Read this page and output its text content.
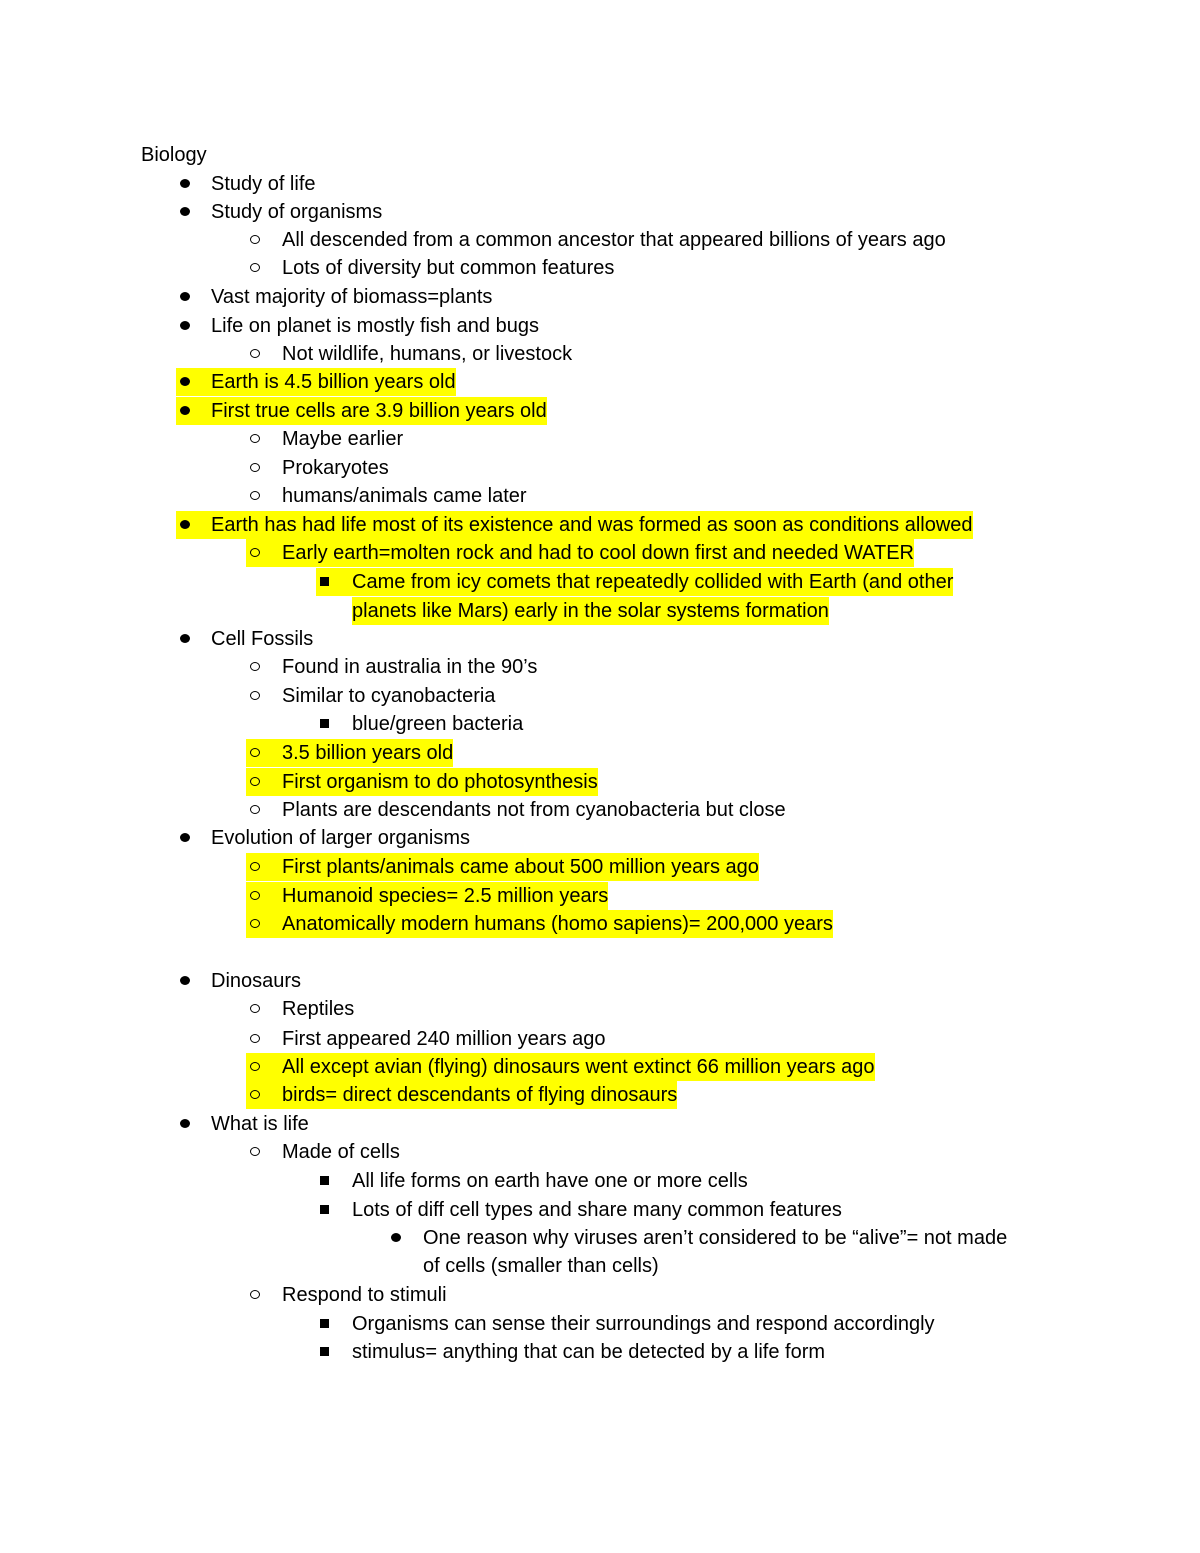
Biology
Study of life
Study of organisms
All descended from a common ancestor that appeared billions of years ago
Lots of diversity but common features
Vast majority of biomass=plants
Life on planet is mostly fish and bugs
Not wildlife, humans, or livestock
Earth is 4.5 billion years old
First true cells are 3.9 billion years old
Maybe earlier
Prokaryotes
humans/animals came later
Earth has had life most of its existence and was formed as soon as conditions allowed
Early earth=molten rock and had to cool down first and needed WATER
Came from icy comets that repeatedly collided with Earth (and other
planets like Mars) early in the solar systems formation
Cell Fossils
Found in australia in the 90’s
Similar to cyanobacteria
blue/green bacteria
3.5 billion years old
First organism to do photosynthesis
Plants are descendants not from cyanobacteria but close
Evolution of larger organisms
First plants/animals came about 500 million years ago
Humanoid species= 2.5 million years
Anatomically modern humans (homo sapiens)= 200,000 years
Dinosaurs
Reptiles
First appeared 240 million years ago
All except avian (flying) dinosaurs went extinct 66 million years ago
birds= direct descendants of flying dinosaurs
What is life
Made of cells
All life forms on earth have one or more cells
Lots of diff cell types and share many common features
One reason why viruses aren’t considered to be “alive”= not made
of cells (smaller than cells)
Respond to stimuli
Organisms can sense their surroundings and respond accordingly
stimulus= anything that can be detected by a life form
